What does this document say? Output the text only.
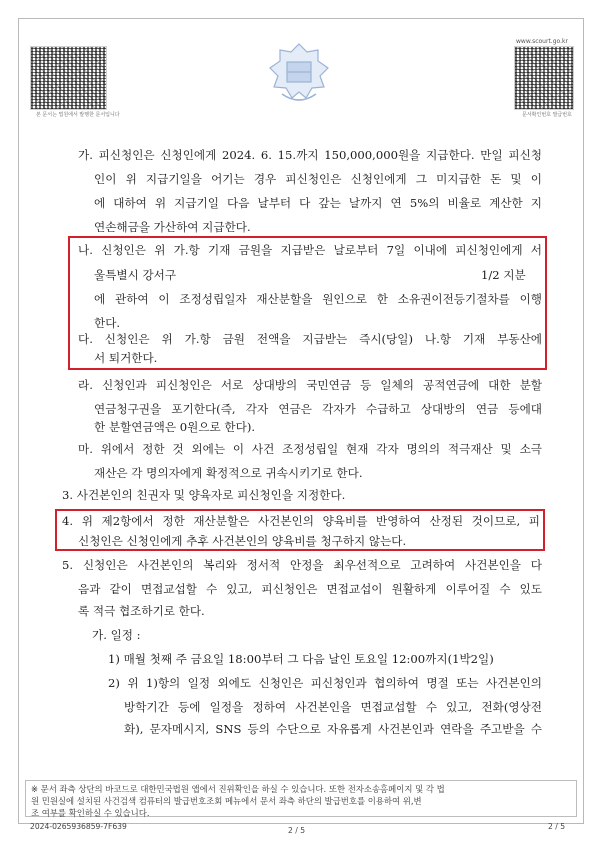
본 문서는 법원에서 발행한 문서입니다
www.scourt.go.kr
문서확인번호 발급번호
가. 피신청인은 신청인에게 2024. 6. 15.까지 150,000,000원을 지급한다. 만일 피신청
인이 위 지급기일을 어기는 경우 피신청인은 신청인에게 그 미지급한 돈 및 이
에 대하여 위 지급기일 다음 날부터 다 갚는 날까지 연 5%의 비율로 계산한 지
연손해금을 가산하여 지급한다.
나. 신청인은 위 가.항 기재 금원을 지급받은 날로부터 7일 이내에 피신청인에게 서
울특별시 강서구	1/2 지분
에 관하여 이 조정성립일자 재산분할을 원인으로 한 소유권이전등기절차를 이행
한다.
다. 신청인은 위 가.항 금원 전액을 지급받는 즉시(당일) 나.항 기재 부동산에
서 퇴거한다.
라. 신청인과 피신청인은 서로 상대방의 국민연금 등 일체의 공적연금에 대한 분할
연금청구권을 포기한다(즉, 각자 연금은 각자가 수급하고 상대방의 연금 등에대
한 분할연금액은 0원으로 한다).
마. 위에서 정한 것 외에는 이 사건 조정성립일 현재 각자 명의의 적극재산 및 소극
재산은 각 명의자에게 확정적으로 귀속시키기로 한다.
3. 사건본인의 친권자 및 양육자로 피신청인을 지정한다.
4. 위 제2항에서 정한 재산분할은 사건본인의 양육비를 반영하여 산정된 것이므로, 피
신청인은 신청인에게 추후 사건본인의 양육비를 청구하지 않는다.
5. 신청인은 사건본인의 복리와 정서적 안정을 최우선적으로 고려하여 사건본인을 다
음과 같이 면접교섭할 수 있고, 피신청인은 면접교섭이 원활하게 이루어질 수 있도
록 적극 협조하기로 한다.
가. 일정 :
1) 매월 첫째 주 금요일 18:00부터 그 다음 날인 토요일 12:00까지(1박2일)
2) 위 1)항의 일정 외에도 신청인은 피신청인과 협의하여 명절 또는 사건본인의
방학기간 등에 일정을 정하여 사건본인을 면접교섭할 수 있고, 전화(영상전
화), 문자메시지, SNS 등의 수단으로 자유롭게 사건본인과 연락을 주고받을 수
※ 문서 좌측 상단의 바코드로 대한민국법원 앱에서 진위확인을 하실 수 있습니다. 또한 전자소송홈페이지 및 각 법
원 민원실에 설치된 사건검색 컴퓨터의 발급번호조회 메뉴에서 문서 좌측 하단의 발급번호를 이용하여 위,변
조 여부를 확인하실 수 있습니다.
2024-0265936859-7F639	2 / 5	2 / 5
